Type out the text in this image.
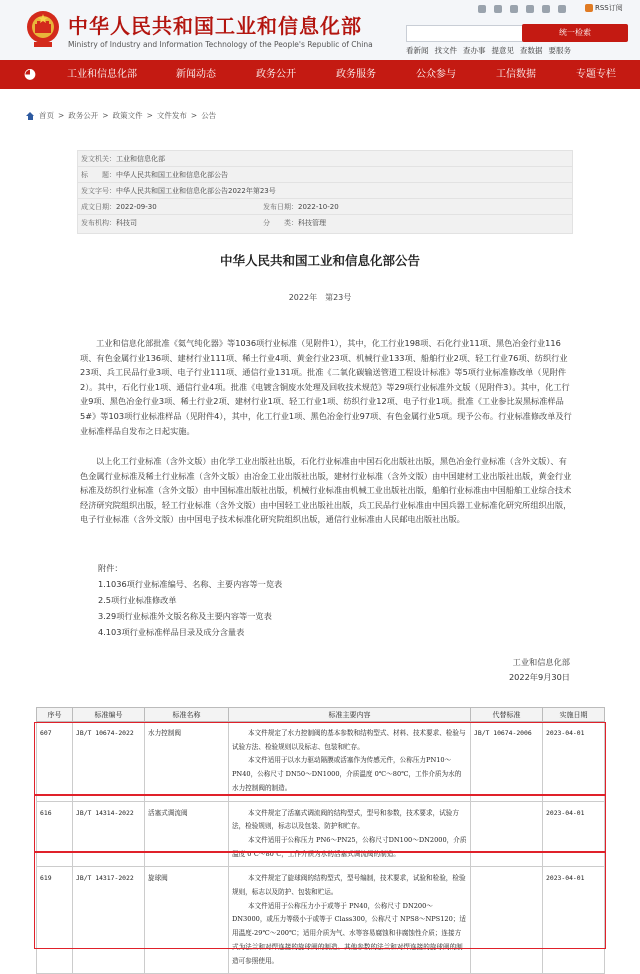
中华人民共和国工业和信息化部
Ministry of Industry and Information Technology of the People's Republic of China
RSS订阅
统一检索
看新闻 找文件 查办事 提意见 查数据 要服务
◕	工业和信息化部	新闻动态	政务公开	政务服务	公众参与	工信数据	专题专栏
首页 > 政务公开 > 政策文件 > 文件发布 > 公告
发文机关：工业和信息化部
标　　题：中华人民共和国工业和信息化部公告
发文字号：中华人民共和国工业和信息化部公告2022年第23号
成文日期：2022-09-30	发布日期：2022-10-20
发布机构：科技司	分　　类：科技管理
中华人民共和国工业和信息化部公告
2022年　第23号

工业和信息化部批准《氦气纯化器》等1036项行业标准（见附件1），其中，化工行业198项、石化行业11项、黑色冶金行业116项、有色金属行业136项、建材行业111项、稀土行业4项、黄金行业23项、机械行业133项、船舶行业2项、轻工行业76项、纺织行业23项、兵工民品行业3项、电子行业111项、通信行业131项。批准《二氧化碳输送管道工程设计标准》等5项行业标准修改单（见附件2）。其中，石化行业1项、通信行业4项。批准《电镀含铜废水处理及回收技术规范》等29项行业标准外文版（见附件3）。其中，化工行业9项、黑色冶金行业3项、稀土行业2项、建材行业1项、轻工行业1项、纺织行业12项、电子行业1项。批准《工业参比炭黑标准样品 5#》等103项行业标准样品（见附件4），其中，化工行业1项、黑色冶金行业97项、有色金属行业5项。现予公布。行业标准修改单及行业标准样品自发布之日起实施。

以上化工行业标准（含外文版）由化学工业出版社出版，石化行业标准由中国石化出版社出版，黑色冶金行业标准（含外文版）、有色金属行业标准及稀土行业标准（含外文版）由冶金工业出版社出版，建材行业标准（含外文版）由中国建材工业出版社出版，黄金行业标准及纺织行业标准（含外文版）由中国标准出版社出版，机械行业标准由机械工业出版社出版，船舶行业标准由中国船舶工业综合技术经济研究院组织出版，轻工行业标准（含外文版）由中国轻工业出版社出版，兵工民品行业标准由中国兵器工业标准化研究所组织出版，电子行业标准（含外文版）由中国电子技术标准化研究院组织出版，通信行业标准由人民邮电出版社出版。

附件：
1.1036项行业标准编号、名称、主要内容等一览表
2.5项行业标准修改单
3.29项行业标准外文版名称及主要内容等一览表
4.103项行业标准样品目录及成分含量表
工业和信息化部
2022年9月30日
序号	标准编号	标准名称	标准主要内容	代替标准	实施日期
607	JB/T 10674-2022	水力控制阀	本文件规定了水力控制阀的基本参数和结构型式、材料、技术要求、检验与试验方法、检验规则以及标志、包装和贮存。

本文件适用于以水力驱动隔膜或活塞作为传感元件，公称压力PN10～PN40，公称尺寸 DN50～DN1000，介质温度 0℃～80℃，工作介质为水的水力控制阀的制造。	JB/T 10674-2006	2023-04-01
616	JB/T 14314-2022	活塞式调流阀	本文件规定了活塞式调流阀的结构型式，型号和参数，技术要求，试验方法，检验规则，标志以及包装、防护和贮存。

本文件适用于公称压力 PN6～PN25，公称尺寸DN100～DN2000，介质温度 0℃～80℃，工作介质为水的活塞式调流阀的制造。		2023-04-01
619	JB/T 14317-2022	旋球阀	本文件规定了旋球阀的结构型式，型号编制，技术要求，试验和检验，检验规则，标志以及防护、包装和贮运。

本文件适用于公称压力小于或等于 PN40，公称尺寸 DN200～DN3000，或压力等级小于或等于 Class300，公称尺寸 NPS8～NPS120；适用温度-29℃～200℃；适用介质为气、水等容易腐蚀和非腐蚀性介质；连接方式为法兰和对焊连接的旋球阀的制造。其他参数的法兰和对焊连接的旋球阀的制造可参照使用。		2023-04-01
